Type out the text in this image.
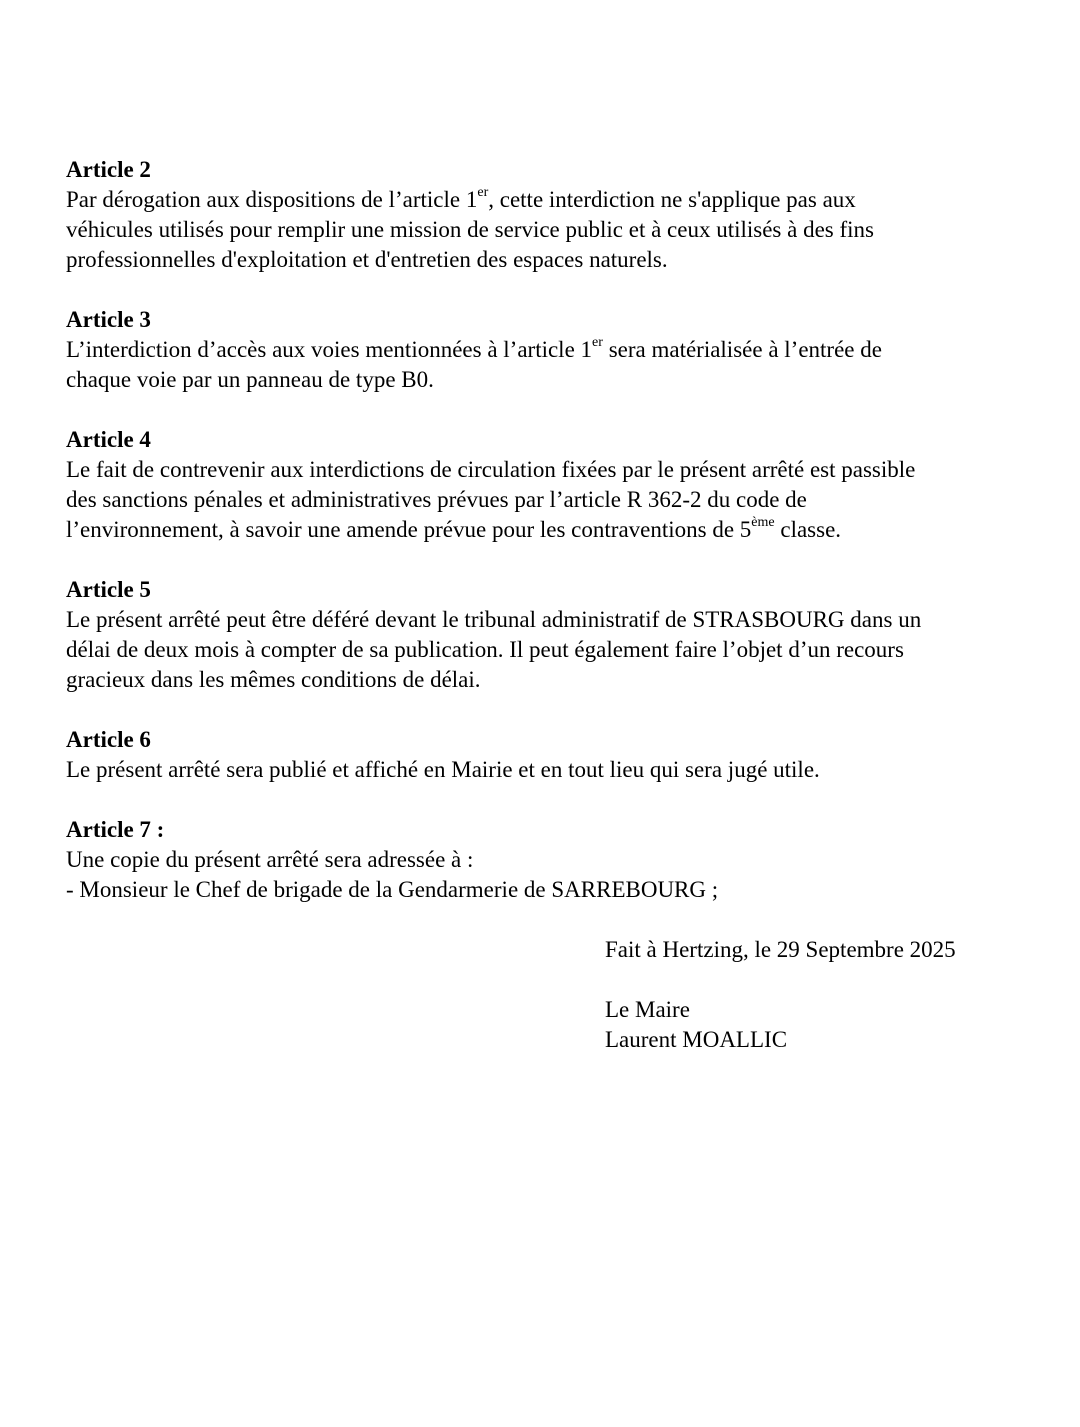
Article 2
Par dérogation aux dispositions de l’article 1er, cette interdiction ne s'applique pas aux
véhicules utilisés pour remplir une mission de service public et à ceux utilisés à des fins
professionnelles d'exploitation et d'entretien des espaces naturels.
Article 3
L’interdiction d’accès aux voies mentionnées à l’article 1er sera matérialisée à l’entrée de
chaque voie par un panneau de type B0.
Article 4
Le fait de contrevenir aux interdictions de circulation fixées par le présent arrêté est passible
des sanctions pénales et administratives prévues par l’article R 362-2 du code de
l’environnement, à savoir une amende prévue pour les contraventions de 5ème classe.
Article 5
Le présent arrêté peut être déféré devant le tribunal administratif de STRASBOURG dans un
délai de deux mois à compter de sa publication. Il peut également faire l’objet d’un recours
gracieux dans les mêmes conditions de délai.
Article 6
Le présent arrêté sera publié et affiché en Mairie et en tout lieu qui sera jugé utile.
Article 7 :
Une copie du présent arrêté sera adressée à :
- Monsieur le Chef de brigade de la Gendarmerie de SARREBOURG ;
Fait à Hertzing, le 29 Septembre 2025
Le Maire
Laurent MOALLIC
